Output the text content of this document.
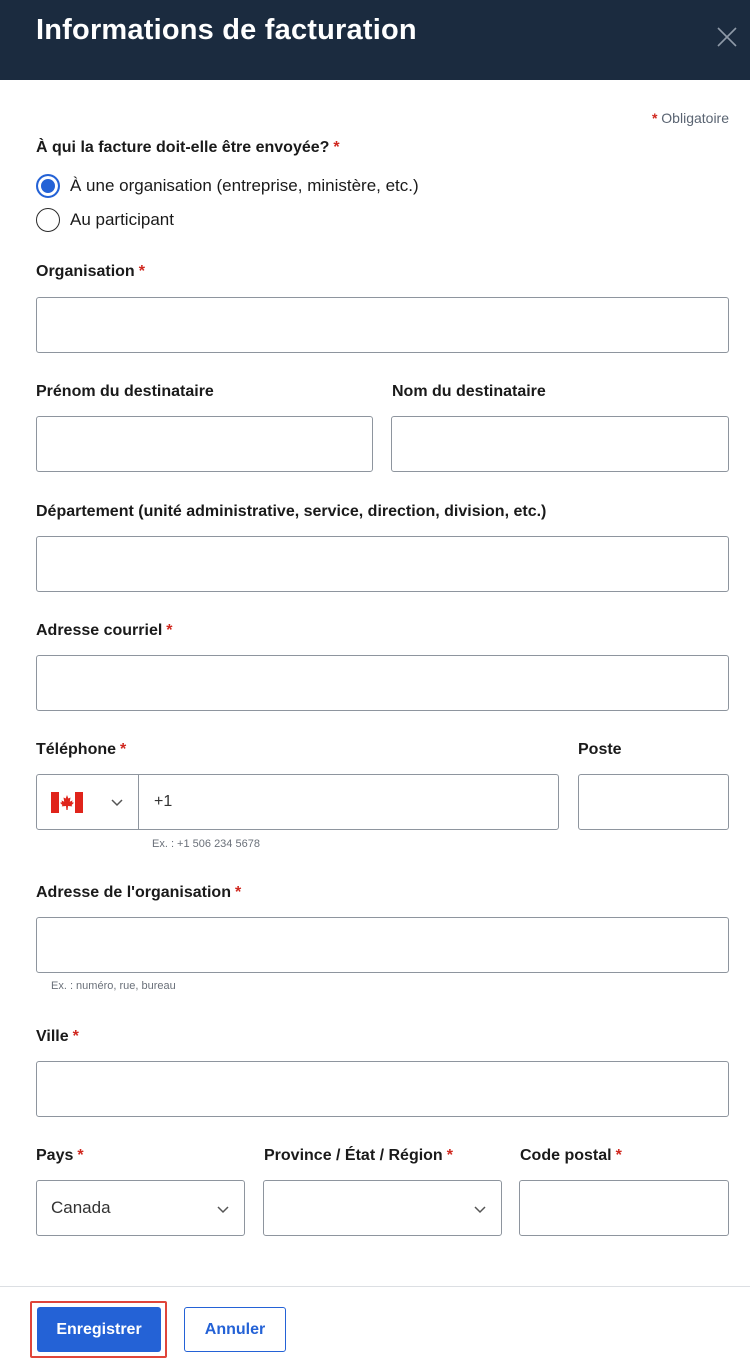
Informations de facturation
* Obligatoire
À qui la facture doit-elle être envoyée? *
À une organisation (entreprise, ministère, etc.)
Au participant
Organisation *
Prénom du destinataire	Nom du destinataire
Département (unité administrative, service, direction, division, etc.)
Adresse courriel *
Téléphone *
+1
Ex. : +1 506 234 5678
Poste
Adresse de l'organisation *
Ex. : numéro, rue, bureau
Ville *
Pays *
Canada
Province / État / Région *	Code postal *
Enregistrer	Annuler
